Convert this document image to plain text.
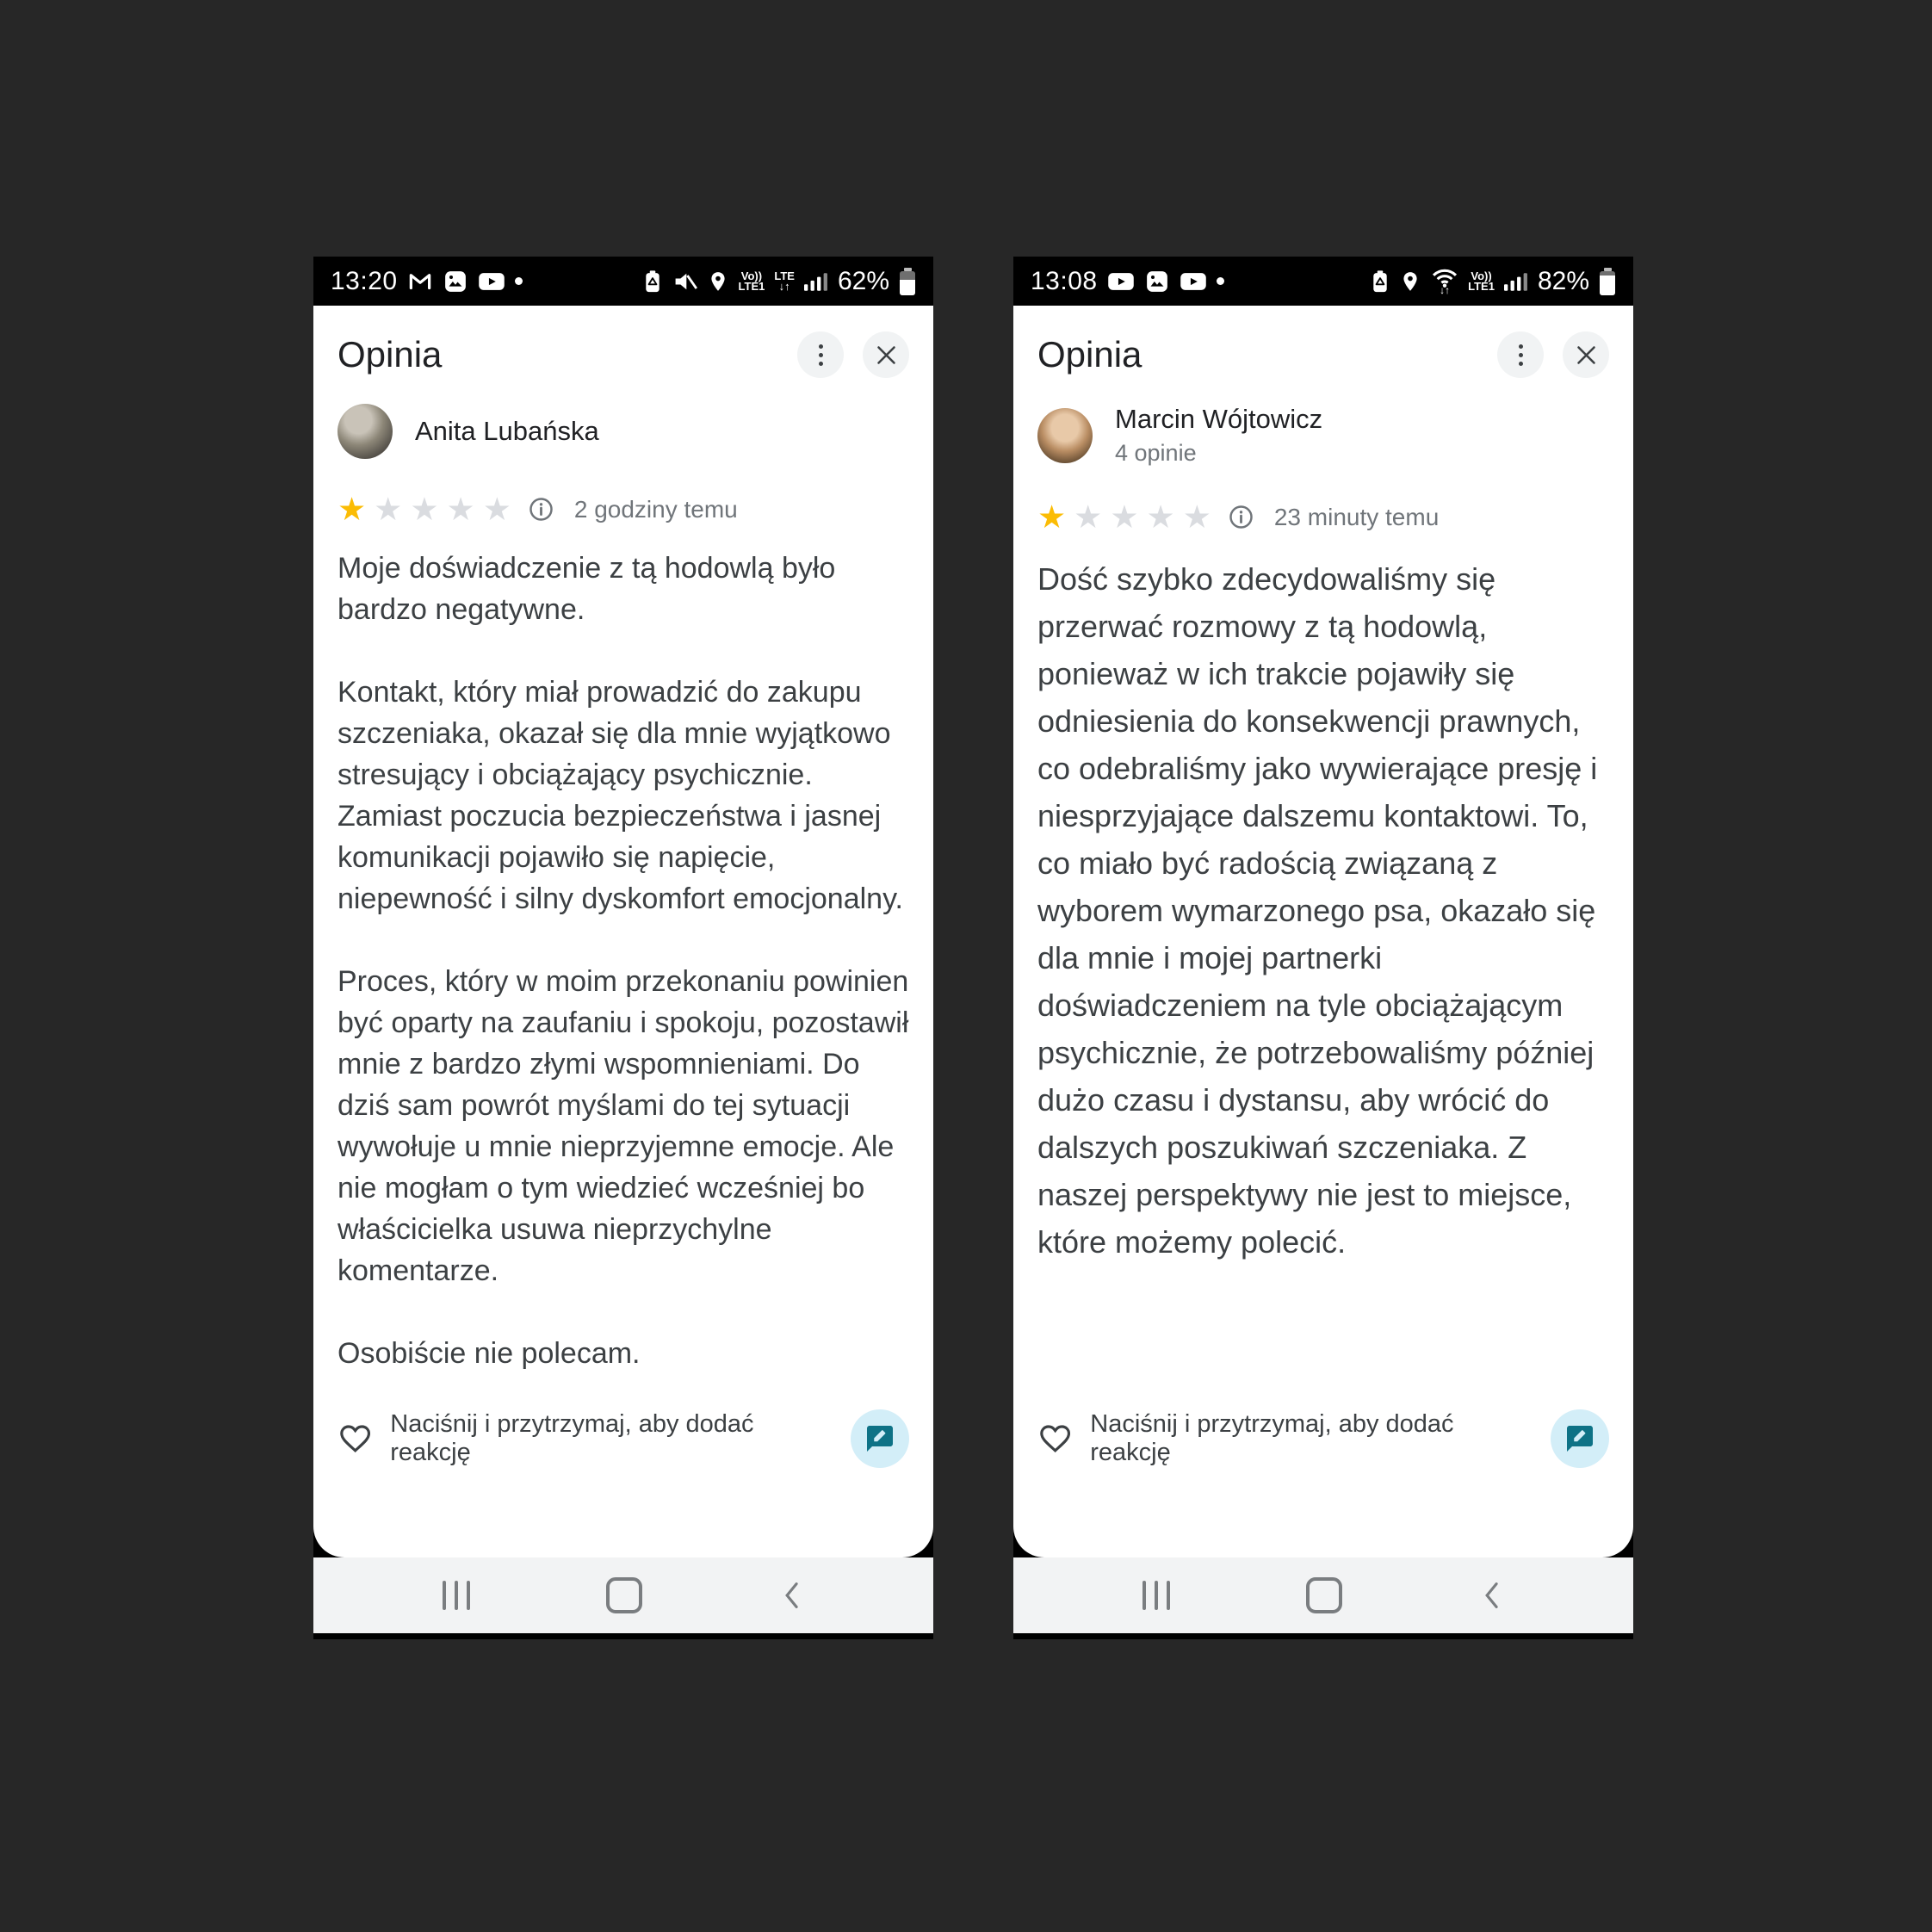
13:20	Vo))
LTE1
LTE
↓↑ 62%
Opinia
Anita Lubańska
★ ★ ★ ★ ★	2 godziny temu

Moje doświadczenie z tą hodowlą było bardzo negatywne.

Kontakt, który miał prowadzić do zakupu szczeniaka, okazał się dla mnie wyjątkowo stresujący i obciążający psychicznie. Zamiast poczucia bezpieczeństwa i jasnej komunikacji pojawiło się napięcie, niepewność i silny dyskomfort emocjonalny.

Proces, który w moim przekonaniu powinien być oparty na zaufaniu i spokoju, pozostawił mnie z bardzo złymi wspomnieniami. Do dziś sam powrót myślami do tej sytuacji wywołuje u mnie nieprzyjemne emocje. Ale nie mogłam o tym wiedzieć wcześniej bo właścicielka usuwa nieprzychylne komentarze.

Osobiście nie polecam.

Naciśnij i przytrzymaj, aby dodać reakcję
13:08	↓↑
Vo))
LTE1 82%
Opinia
Marcin Wójtowicz
4 opinie
★ ★ ★ ★ ★	23 minuty temu

Dość szybko zdecydowaliśmy się przerwać rozmowy z tą hodowlą, ponieważ w ich trakcie pojawiły się odniesienia do konsekwencji prawnych, co odebraliśmy jako wywierające presję i niesprzyjające dalszemu kontaktowi. To, co miało być radością związaną z wyborem wymarzonego psa, okazało się dla mnie i mojej partnerki doświadczeniem na tyle obciążającym psychicznie, że potrzebowaliśmy później dużo czasu i dystansu, aby wrócić do dalszych poszukiwań szczeniaka. Z naszej perspektywy nie jest to miejsce, które możemy polecić.

Naciśnij i przytrzymaj, aby dodać reakcję
